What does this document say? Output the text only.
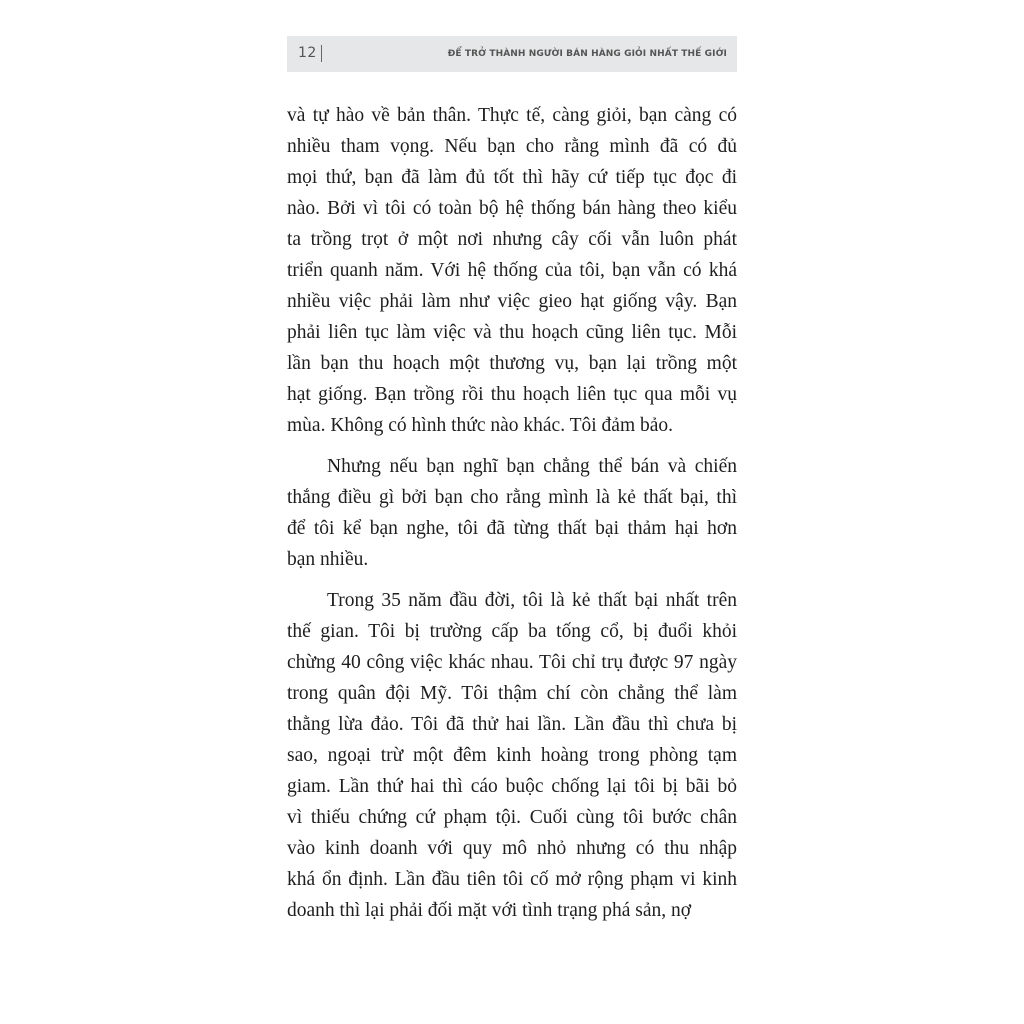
12	ĐỂ TRỞ THÀNH NGƯỜI BÁN HÀNG GIỎI NHẤT THẾ GIỚI
và tự hào về bản thân. Thực tế, càng giỏi, bạn càng có
nhiều tham vọng. Nếu bạn cho rằng mình đã có đủ
mọi thứ, bạn đã làm đủ tốt thì hãy cứ tiếp tục đọc đi
nào. Bởi vì tôi có toàn bộ hệ thống bán hàng theo kiểu
ta trồng trọt ở một nơi nhưng cây cối vẫn luôn phát
triển quanh năm. Với hệ thống của tôi, bạn vẫn có khá
nhiều việc phải làm như việc gieo hạt giống vậy. Bạn
phải liên tục làm việc và thu hoạch cũng liên tục. Mỗi
lần bạn thu hoạch một thương vụ, bạn lại trồng một
hạt giống. Bạn trồng rồi thu hoạch liên tục qua mỗi vụ
mùa. Không có hình thức nào khác. Tôi đảm bảo.
Nhưng nếu bạn nghĩ bạn chẳng thể bán và chiến
thắng điều gì bởi bạn cho rằng mình là kẻ thất bại, thì
để tôi kể bạn nghe, tôi đã từng thất bại thảm hại hơn
bạn nhiều.
Trong 35 năm đầu đời, tôi là kẻ thất bại nhất trên
thế gian. Tôi bị trường cấp ba tống cổ, bị đuổi khỏi
chừng 40 công việc khác nhau. Tôi chỉ trụ được 97 ngày
trong quân đội Mỹ. Tôi thậm chí còn chẳng thể làm
thằng lừa đảo. Tôi đã thử hai lần. Lần đầu thì chưa bị
sao, ngoại trừ một đêm kinh hoàng trong phòng tạm
giam. Lần thứ hai thì cáo buộc chống lại tôi bị bãi bỏ
vì thiếu chứng cứ phạm tội. Cuối cùng tôi bước chân
vào kinh doanh với quy mô nhỏ nhưng có thu nhập
khá ổn định. Lần đầu tiên tôi cố mở rộng phạm vi kinh
doanh thì lại phải đối mặt với tình trạng phá sản, nợ
